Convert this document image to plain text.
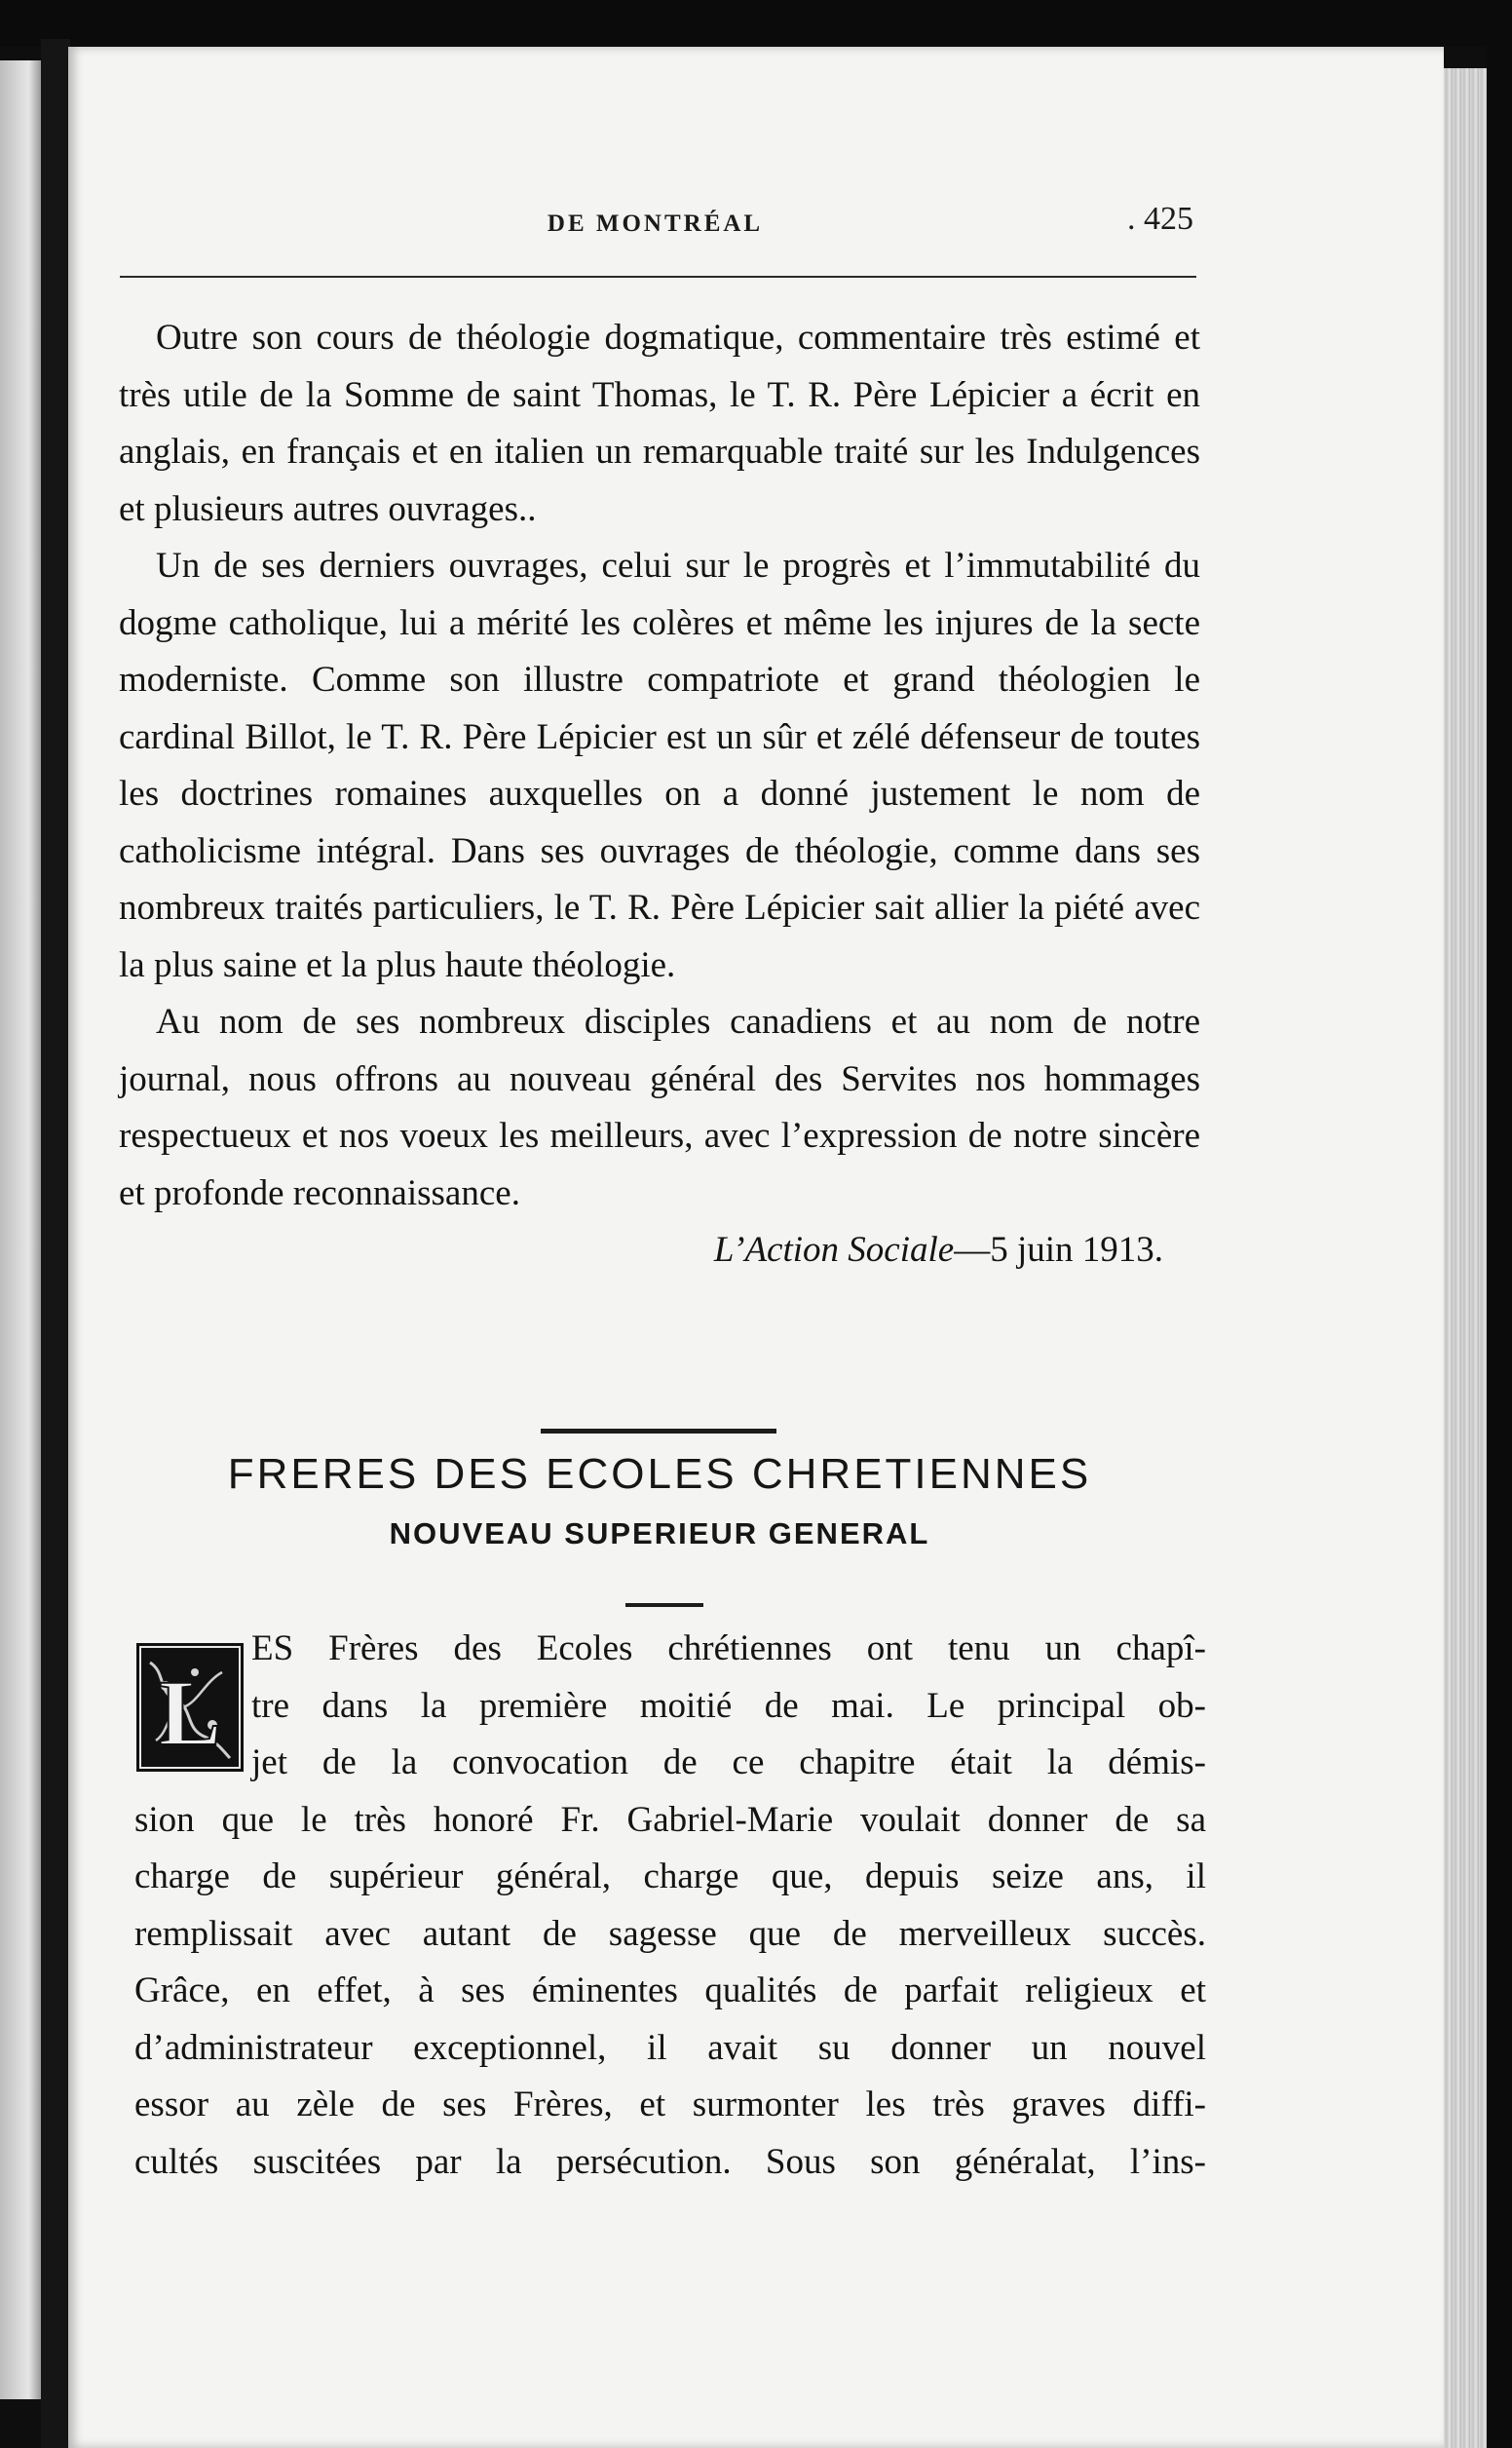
DE MONTRÉAL	. 425

Outre son cours de théologie dogmatique, commentaire très estimé et très utile de la Somme de saint Thomas, le T. R. Père Lépicier a écrit en anglais, en français et en italien un remarquable traité sur les Indulgences et plusieurs autres ouvrages..

Un de ses derniers ouvrages, celui sur le progrès et l’immutabilité du dogme catholique, lui a mérité les colères et même les injures de la secte moderniste. Comme son illustre compatriote et grand théologien le cardinal Billot, le T. R. Père Lépicier est un sûr et zélé défenseur de toutes les doctrines romaines auxquelles on a donné justement le nom de catholicisme intégral. Dans ses ouvrages de théologie, comme dans ses nombreux traités particuliers, le T. R. Père Lépicier sait allier la piété avec la plus saine et la plus haute théologie.

Au nom de ses nombreux disciples canadiens et au nom de notre journal, nous offrons au nouveau général des Servites nos hommages respectueux et nos voeux les meilleurs, avec l’expression de notre sincère et profonde reconnaissance.

L’Action Sociale—5 juin 1913.

FRERES DES ECOLES CHRETIENNES
NOUVEAU SUPERIEUR GENERAL
L
ES Frères des Ecoles chrétiennes ont tenu un chapî-
tre dans la première moitié de mai. Le principal ob-
jet de la convocation de ce chapitre était la démis-
sion que le très honoré Fr. Gabriel-Marie voulait donner de sa
charge de supérieur général, charge que, depuis seize ans, il
remplissait avec autant de sagesse que de merveilleux succès.
Grâce, en effet, à ses éminentes qualités de parfait religieux et
d’administrateur exceptionnel, il avait su donner un nouvel
essor au zèle de ses Frères, et surmonter les très graves diffi-
cultés suscitées par la persécution. Sous son généralat, l’ins-
